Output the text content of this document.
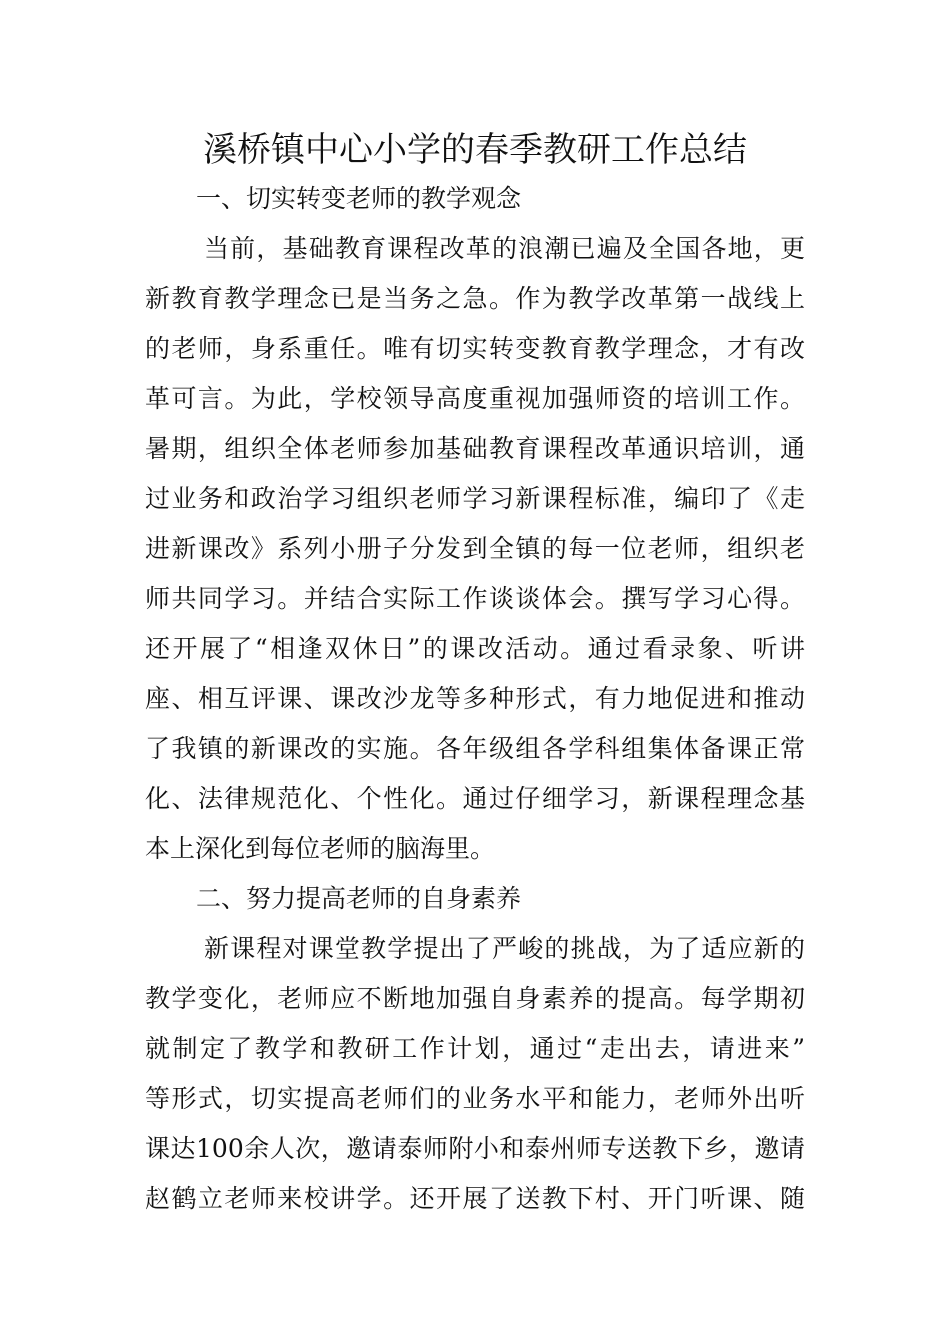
溪桥镇中心小学的春季教研工作总结
一、切实转变老师的教学观念
当前，基础教育课程改革的浪潮已遍及全国各地，更
新教育教学理念已是当务之急。作为教学改革第一战线上
的老师，身系重任。唯有切实转变教育教学理念，才有改
革可言。为此，学校领导高度重视加强师资的培训工作。
暑期，组织全体老师参加基础教育课程改革通识培训，通
过业务和政治学习组织老师学习新课程标准，编印了《走
进新课改》系列小册子分发到全镇的每一位老师，组织老
师共同学习。并结合实际工作谈谈体会。撰写学习心得。
还开展了“相逢双休日”的课改活动。通过看录象、听讲
座、相互评课、课改沙龙等多种形式，有力地促进和推动
了我镇的新课改的实施。各年级组各学科组集体备课正常
化、法律规范化、个性化。通过仔细学习，新课程理念基
本上深化到每位老师的脑海里。
二、努力提高老师的自身素养
新课程对课堂教学提出了严峻的挑战，为了适应新的
教学变化，老师应不断地加强自身素养的提高。每学期初
就制定了教学和教研工作计划，通过“走出去，请进来”
等形式，切实提高老师们的业务水平和能力，老师外出听
课达100余人次，邀请泰师附小和泰州师专送教下乡，邀请
赵鹤立老师来校讲学。还开展了送教下村、开门听课、随
